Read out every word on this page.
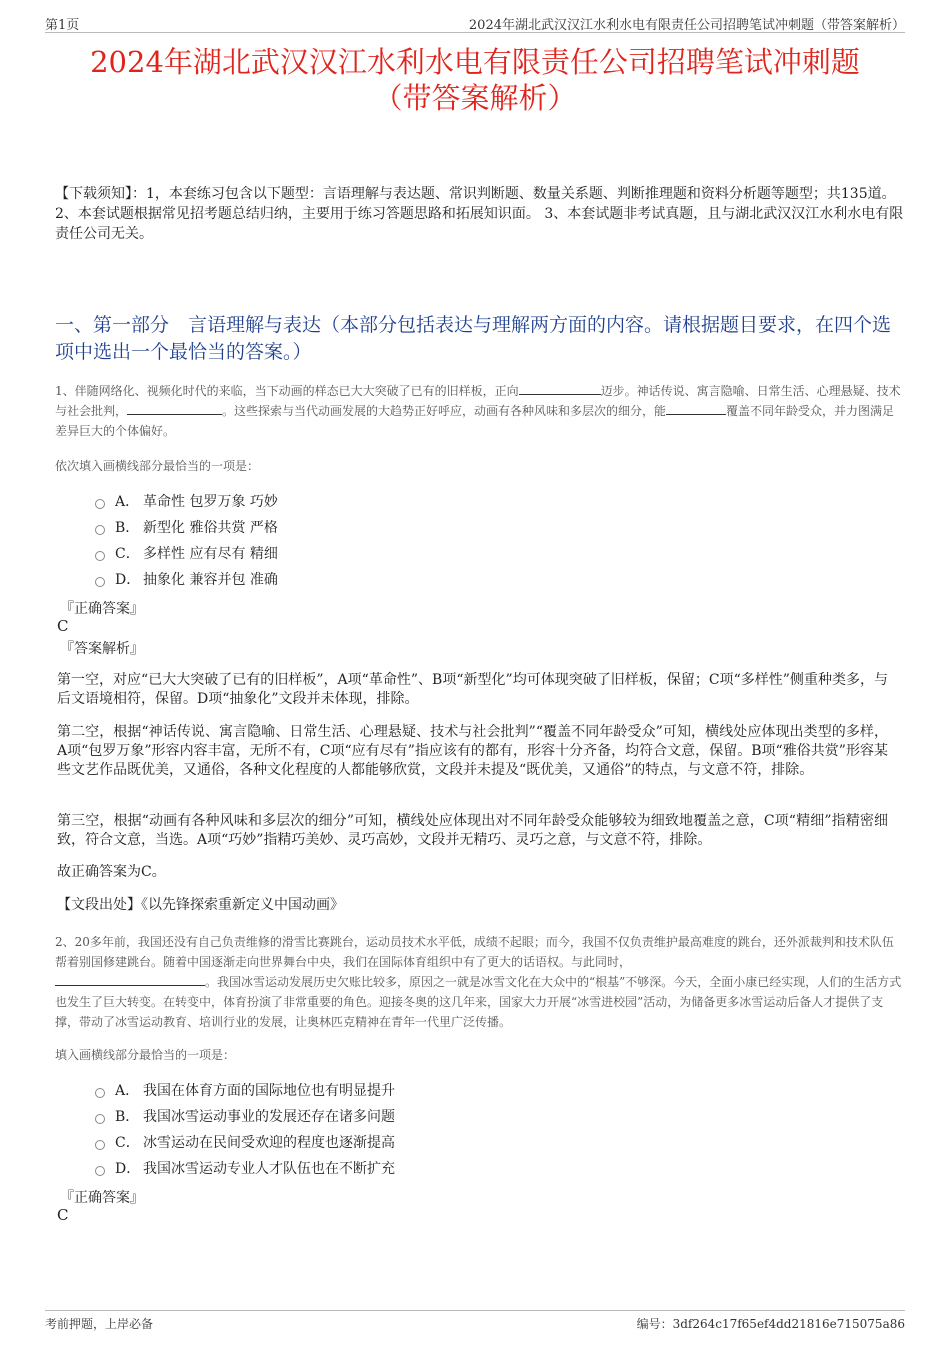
第1页	2024年湖北武汉汉江水利水电有限责任公司招聘笔试冲刺题（带答案解析）
2024年湖北武汉汉江水利水电有限责任公司招聘笔试冲刺题
（带答案解析）
【下载须知】：1，本套练习包含以下题型：言语理解与表达题、常识判断题、数量关系题、判断推理题和资料分析题等题型；共135道。 2、本套试题根据常见招考题总结归纳，主要用于练习答题思路和拓展知识面。 3、本套试题非考试真题，且与湖北武汉汉江水利水电有限责任公司无关。
一、第一部分　言语理解与表达（本部分包括表达与理解两方面的内容。请根据题目要求，在四个选项中选出一个最恰当的答案。）
1、伴随网络化、视频化时代的来临，当下动画的样态已大大突破了已有的旧样板，正向	迈步。神话传说、寓言隐喻、日常生活、心理悬疑、技术与社会批判，	。这些探索与当代动画发展的大趋势正好呼应，动画有各种风味和多层次的细分，能	覆盖不同年龄受众，并力图满足差异巨大的个体偏好。
依次填入画横线部分最恰当的一项是：
A． 革命性 包罗万象 巧妙
B． 新型化 雅俗共赏 严格
C． 多样性 应有尽有 精细
D． 抽象化 兼容并包 准确
『正确答案』
C
『答案解析』
第一空，对应“已大大突破了已有的旧样板”，A项“革命性”、B项“新型化”均可体现突破了旧样板，保留；C项“多样性”侧重种类多，与后文语境相符，保留。D项“抽象化”文段并未体现，排除。
第二空，根据“神话传说、寓言隐喻、日常生活、心理悬疑、技术与社会批判”“覆盖不同年龄受众”可知，横线处应体现出类型的多样，A项“包罗万象”形容内容丰富，无所不有，C项“应有尽有”指应该有的都有，形容十分齐备，均符合文意，保留。B项“雅俗共赏”形容某些文艺作品既优美，又通俗，各种文化程度的人都能够欣赏，文段并未提及“既优美，又通俗”的特点，与文意不符，排除。
第三空，根据“动画有各种风味和多层次的细分”可知，横线处应体现出对不同年龄受众能够较为细致地覆盖之意，C项“精细”指精密细致，符合文意，当选。A项“巧妙”指精巧美妙、灵巧高妙，文段并无精巧、灵巧之意，与文意不符，排除。
故正确答案为C。
【文段出处】《以先锋探索重新定义中国动画》
2、20多年前，我国还没有自己负责维修的滑雪比赛跳台，运动员技术水平低，成绩不起眼；而今，我国不仅负责维护最高难度的跳台，还外派裁判和技术队伍帮着别国修建跳台。随着中国逐渐走向世界舞台中央，我们在国际体育组织中有了更大的话语权。与此同时，
。我国冰雪运动发展历史欠账比较多，原因之一就是冰雪文化在大众中的“根基”不够深。今天，全面小康已经实现，人们的生活方式也发生了巨大转变。在转变中，体育扮演了非常重要的角色。迎接冬奥的这几年来，国家大力开展“冰雪进校园”活动，为储备更多冰雪运动后备人才提供了支撑，带动了冰雪运动教育、培训行业的发展，让奥林匹克精神在青年一代里广泛传播。
填入画横线部分最恰当的一项是：
A． 我国在体育方面的国际地位也有明显提升
B． 我国冰雪运动事业的发展还存在诸多问题
C． 冰雪运动在民间受欢迎的程度也逐渐提高
D． 我国冰雪运动专业人才队伍也在不断扩充
『正确答案』
C
考前押题，上岸必备	编号：3df264c17f65ef4dd21816e715075a86
